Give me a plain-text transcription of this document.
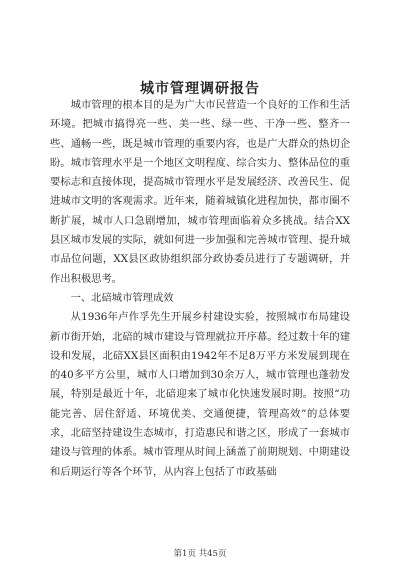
城市管理调研报告

城市管理的根本目的是为广大市民营造一个良好的工作和生活环境。把城市搞得亮一些、美一些、绿一些、干净一些、整齐一些、通畅一些，既是城市管理的重要内容，也是广大群众的热切企盼。城市管理水平是一个地区文明程度、综合实力、整体品位的重要标志和直接体现，提高城市管理水平是发展经济、改善民生、促进城市文明的客观需求。近年来，随着城镇化进程加快，都市圈不断扩展，城市人口急剧增加，城市管理面临着众多挑战。结合XX县区城市发展的实际，就如何进一步加强和完善城市管理、提升城市品位问题，XX县区政协组织部分政协委员进行了专题调研，并作出积极思考。

一、北碚城市管理成效

从1936年卢作孚先生开展乡村建设实验，按照城市布局建设新市街开始，北碚的城市建设与管理就拉开序幕。经过数十年的建设和发展，北碚XX县区面积由1942年不足8万平方米发展到现在的40多平方公里，城市人口增加到30余万人，城市管理也蓬勃发展，特别是最近十年，北碚迎来了城市化快速发展时期。按照“功能完善、居住舒适、环境优美、交通便捷，管理高效”的总体要求，北碚坚持建设生态城市，打造惠民和谐之区，形成了一套城市建设与管理的体系。城市管理从时间上涵盖了前期规划、中期建设和后期运行等各个环节，从内容上包括了市政基础

第1页 共45页
